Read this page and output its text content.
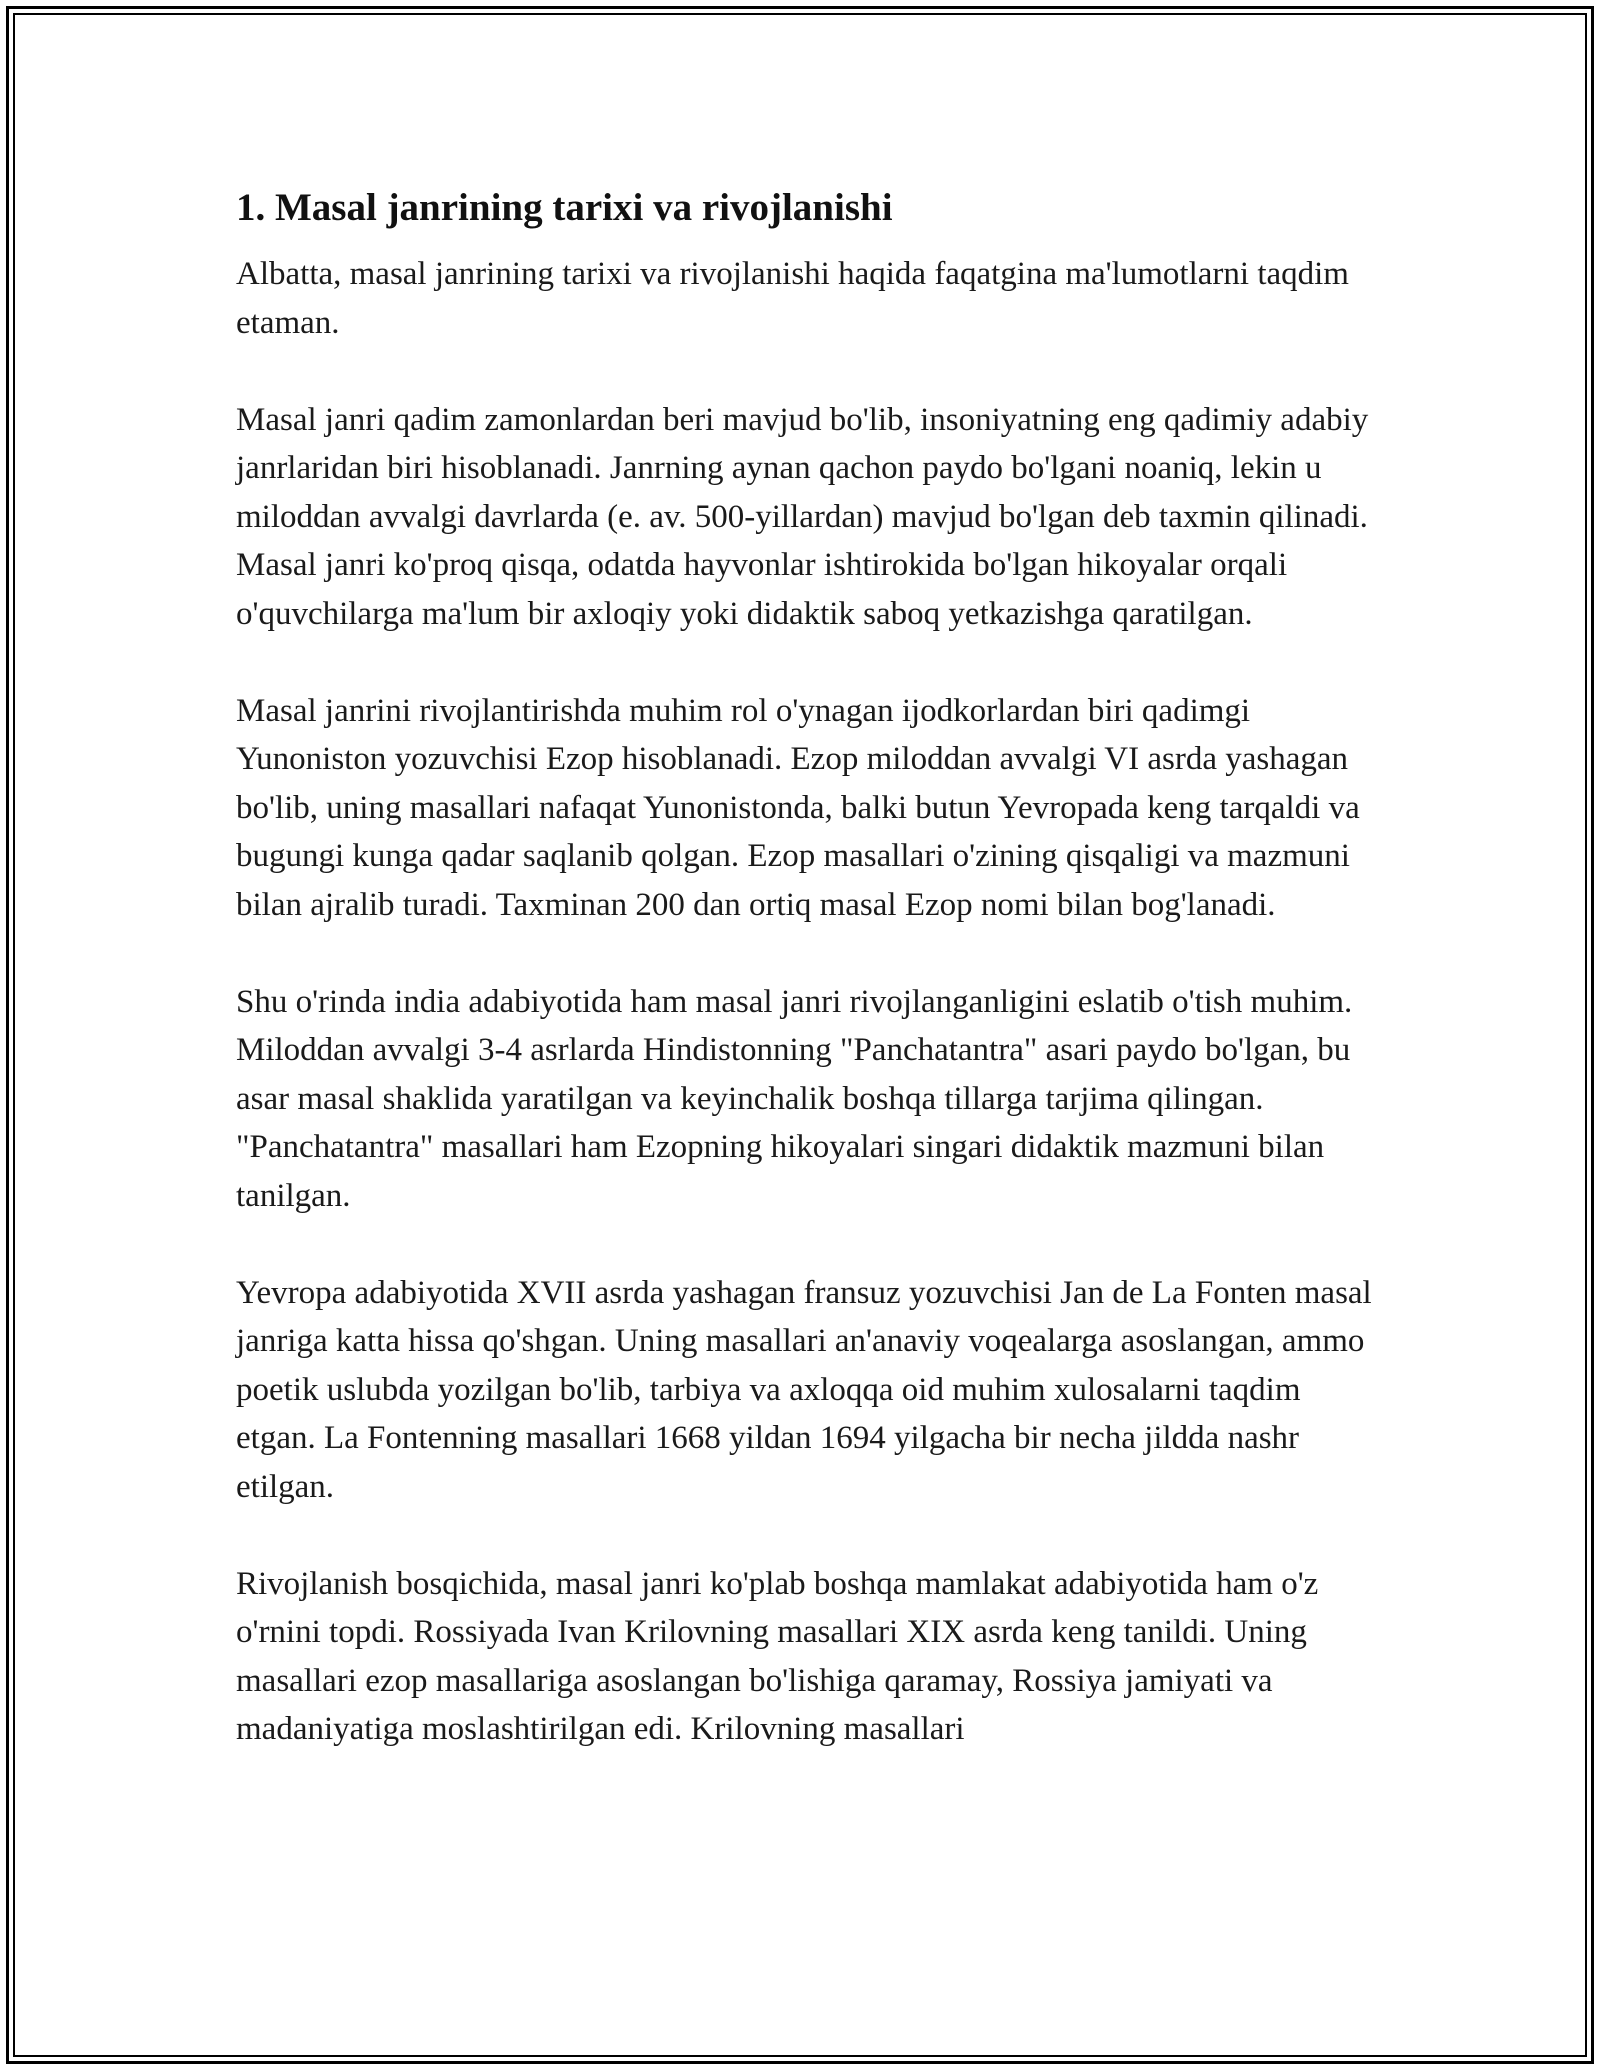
1. Masal janrining tarixi va rivojlanishi

Albatta, masal janrining tarixi va rivojlanishi haqida faqatgina ma'lumotlarni taqdim etaman.

Masal janri qadim zamonlardan beri mavjud bo'lib, insoniyatning eng qadimiy adabiy janrlaridan biri hisoblanadi. Janrning aynan qachon paydo bo'lgani noaniq, lekin u miloddan avvalgi davrlarda (e. av. 500-yillardan) mavjud bo'lgan deb taxmin qilinadi. Masal janri ko'proq qisqa, odatda hayvonlar ishtirokida bo'lgan hikoyalar orqali o'quvchilarga ma'lum bir axloqiy yoki didaktik saboq yetkazishga qaratilgan.

Masal janrini rivojlantirishda muhim rol o'ynagan ijodkorlardan biri qadimgi Yunoniston yozuvchisi Ezop hisoblanadi. Ezop miloddan avvalgi VI asrda yashagan bo'lib, uning masallari nafaqat Yunonistonda, balki butun Yevropada keng tarqaldi va bugungi kunga qadar saqlanib qolgan. Ezop masallari o'zining qisqaligi va mazmuni bilan ajralib turadi. Taxminan 200 dan ortiq masal Ezop nomi bilan bog'lanadi.

Shu o'rinda india adabiyotida ham masal janri rivojlanganligini eslatib o'tish muhim. Miloddan avvalgi 3-4 asrlarda Hindistonning "Panchatantra" asari paydo bo'lgan, bu asar masal shaklida yaratilgan va keyinchalik boshqa tillarga tarjima qilingan. "Panchatantra" masallari ham Ezopning hikoyalari singari didaktik mazmuni bilan tanilgan.

Yevropa adabiyotida XVII asrda yashagan fransuz yozuvchisi Jan de La Fonten masal janriga katta hissa qo'shgan. Uning masallari an'anaviy voqealarga asoslangan, ammo poetik uslubda yozilgan bo'lib, tarbiya va axloqqa oid muhim xulosalarni taqdim etgan. La Fontenning masallari 1668 yildan 1694 yilgacha bir necha jildda nashr etilgan.

Rivojlanish bosqichida, masal janri ko'plab boshqa mamlakat adabiyotida ham o'z o'rnini topdi. Rossiyada Ivan Krilovning masallari XIX asrda keng tanildi. Uning masallari ezop masallariga asoslangan bo'lishiga qaramay, Rossiya jamiyati va madaniyatiga moslashtirilgan edi. Krilovning masallari
